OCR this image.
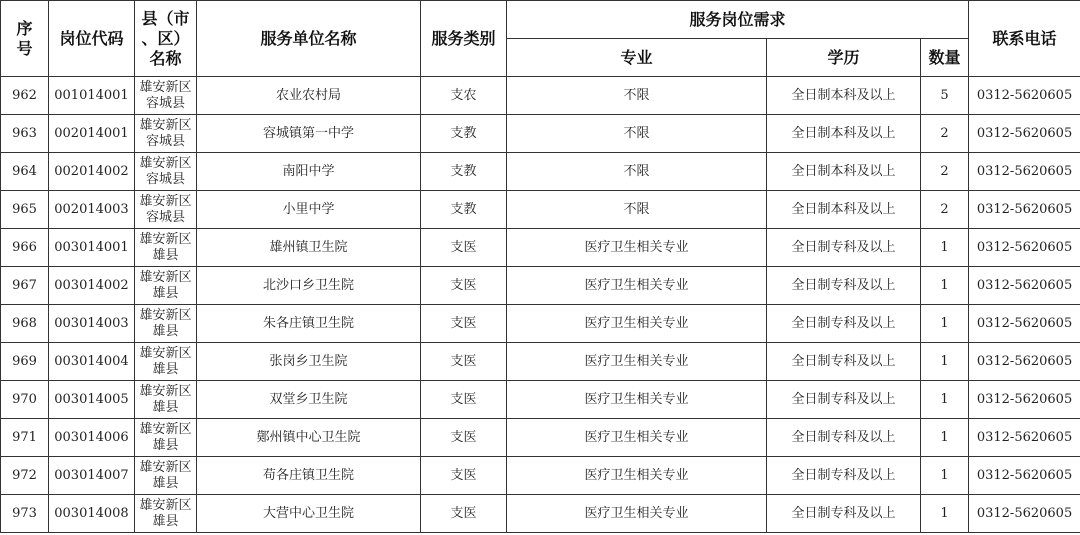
序
号	岗位代码	县（市
、区）
名称	服务单位名称	服务类别	服务岗位需求			联系电话
					专业	学历	数量	
962	001014001	雄安新区
容城县	农业农村局	支农	不限	全日制本科及以上	5	0312-5620605
963	002014001	雄安新区
容城县	容城镇第一中学	支教	不限	全日制本科及以上	2	0312-5620605
964	002014002	雄安新区
容城县	南阳中学	支教	不限	全日制本科及以上	2	0312-5620605
965	002014003	雄安新区
容城县	小里中学	支教	不限	全日制本科及以上	2	0312-5620605
966	003014001	雄安新区
雄县	雄州镇卫生院	支医	医疗卫生相关专业	全日制专科及以上	1	0312-5620605
967	003014002	雄安新区
雄县	北沙口乡卫生院	支医	医疗卫生相关专业	全日制专科及以上	1	0312-5620605
968	003014003	雄安新区
雄县	朱各庄镇卫生院	支医	医疗卫生相关专业	全日制专科及以上	1	0312-5620605
969	003014004	雄安新区
雄县	张岗乡卫生院	支医	医疗卫生相关专业	全日制专科及以上	1	0312-5620605
970	003014005	雄安新区
雄县	双堂乡卫生院	支医	医疗卫生相关专业	全日制专科及以上	1	0312-5620605
971	003014006	雄安新区
雄县	鄚州镇中心卫生院	支医	医疗卫生相关专业	全日制专科及以上	1	0312-5620605
972	003014007	雄安新区
雄县	苟各庄镇卫生院	支医	医疗卫生相关专业	全日制专科及以上	1	0312-5620605
973	003014008	雄安新区
雄县	大营中心卫生院	支医	医疗卫生相关专业	全日制专科及以上	1	0312-5620605
